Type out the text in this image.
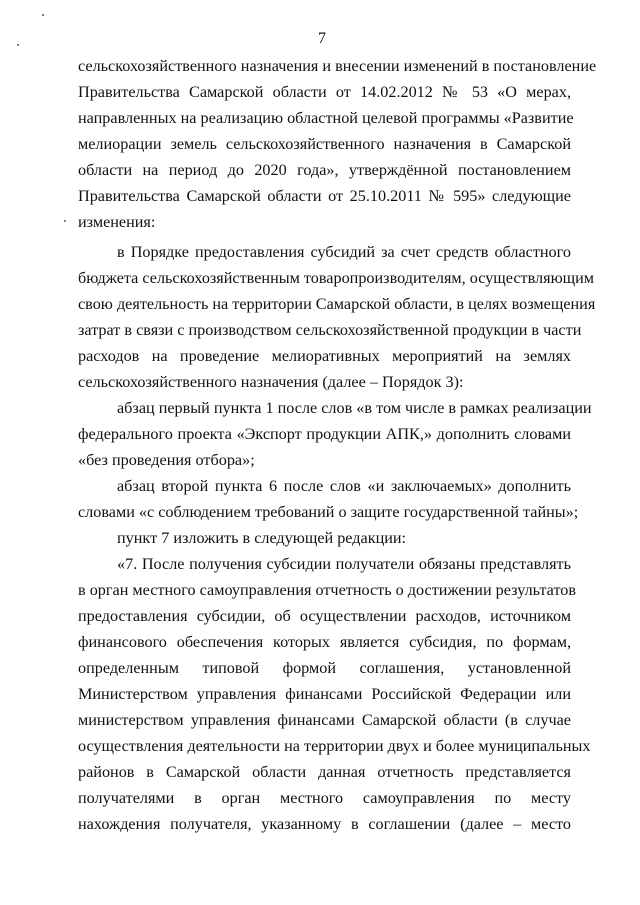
7
сельскохозяйственного назначения и внесении изменений в постановление
Правительства Самарской области от 14.02.2012 № 53 «О мерах,
направленных на реализацию областной целевой программы «Развитие
мелиорации земель сельскохозяйственного назначения в Самарской
области на период до 2020 года», утверждённой постановлением
Правительства Самарской области от 25.10.2011 № 595» следующие
изменения:
в Порядке предоставления субсидий за счет средств областного
бюджета сельскохозяйственным товаропроизводителям, осуществляющим
свою деятельность на территории Самарской области, в целях возмещения
затрат в связи с производством сельскохозяйственной продукции в части
расходов на проведение мелиоративных мероприятий на землях
сельскохозяйственного назначения (далее – Порядок 3):
абзац первый пункта 1 после слов «в том числе в рамках реализации
федерального проекта «Экспорт продукции АПК,» дополнить словами
«без проведения отбора»;
абзац второй пункта 6 после слов «и заключаемых» дополнить
словами «с соблюдением требований о защите государственной тайны»;
пункт 7 изложить в следующей редакции:
«7. После получения субсидии получатели обязаны представлять
в орган местного самоуправления отчетность о достижении результатов
предоставления субсидии, об осуществлении расходов, источником
финансового обеспечения которых является субсидия, по формам,
определенным типовой формой соглашения, установленной
Министерством управления финансами Российской Федерации или
министерством управления финансами Самарской области (в случае
осуществления деятельности на территории двух и более муниципальных
районов в Самарской области данная отчетность представляется
получателями в орган местного самоуправления по месту
нахождения получателя, указанному в соглашении (далее – место
